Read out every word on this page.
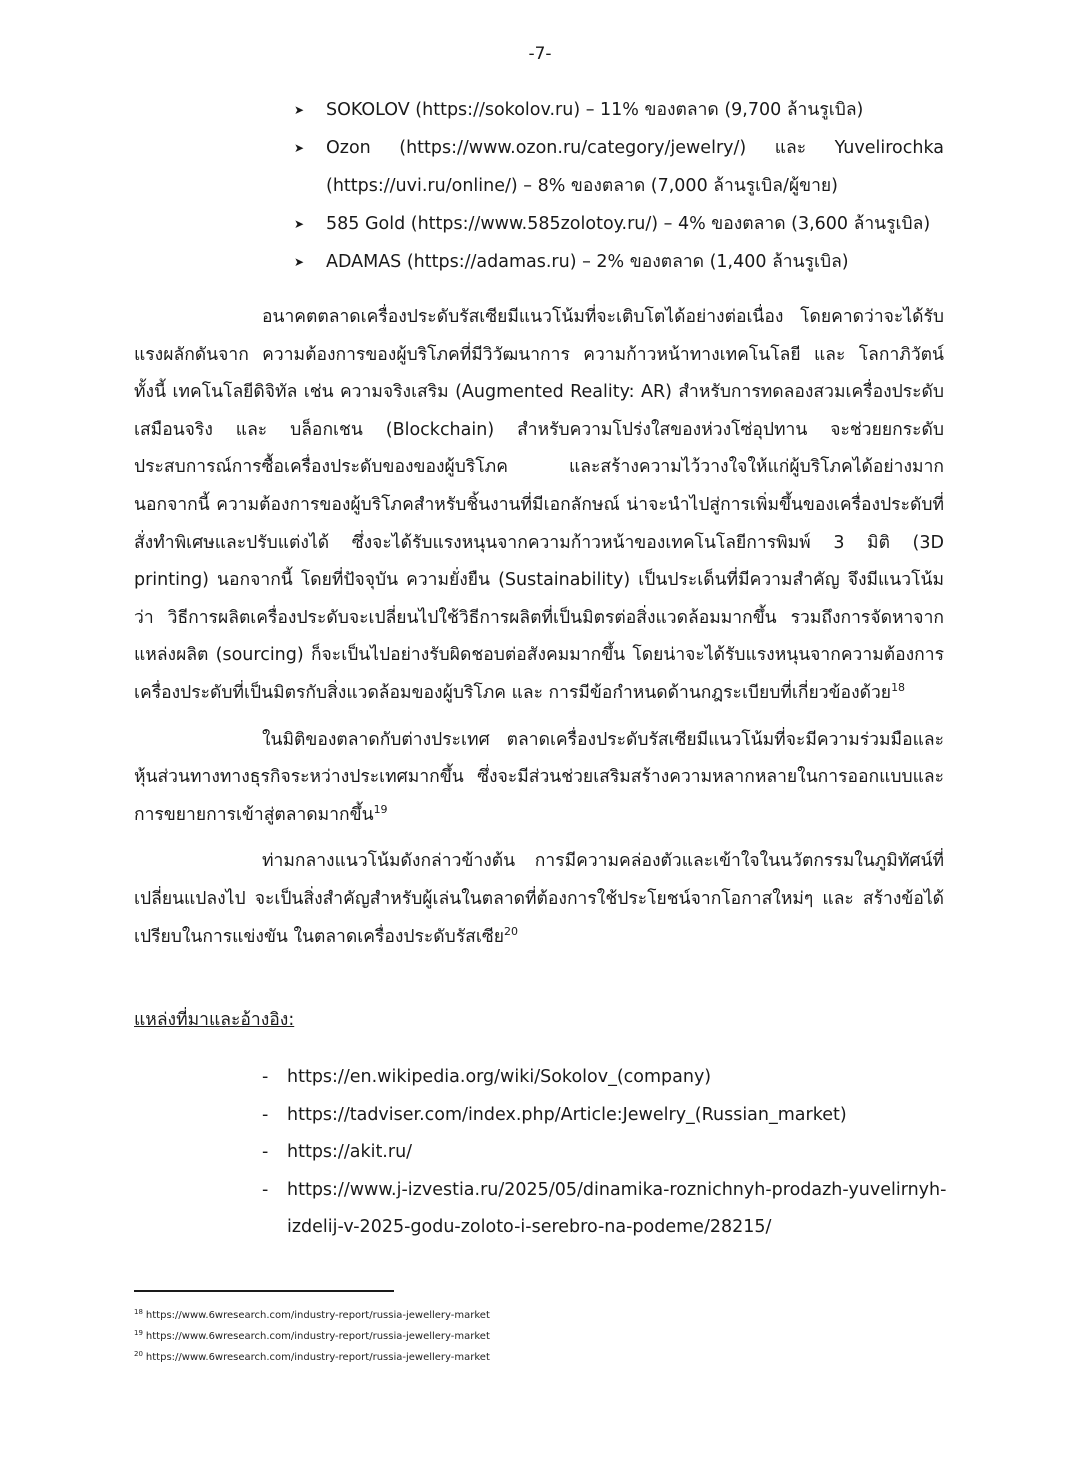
-7-
➤ SOKOLOV (https://sokolov.ru) – 11% ของตลาด (9,700 ล้านรูเบิล)
➤ Ozon (https://www.ozon.ru/category/jewelry/) และ Yuvelirochka
(https://uvi.ru/online/) – 8% ของตลาด (7,000 ล้านรูเบิล/ผู้ขาย)
➤ 585 Gold (https://www.585zolotoy.ru/) – 4% ของตลาด (3,600 ล้านรูเบิล)
➤ ADAMAS (https://adamas.ru) – 2% ของตลาด (1,400 ล้านรูเบิล)

อนาคตตลาดเครื่องประดับรัสเซียมีแนวโน้มที่จะเติบโตได้อย่างต่อเนื่อง โดยคาดว่าจะได้รับแรงผลักดันจาก ความต้องการของผู้บริโภคที่มีวิวัฒนาการ ความก้าวหน้าทางเทคโนโลยี และ โลกาภิวัตน์ ทั้งนี้ เทคโนโลยีดิจิทัล เช่น ความจริงเสริม (Augmented Reality: AR) สำหรับการทดลองสวมเครื่องประดับเสมือนจริง และ บล็อกเชน (Blockchain) สำหรับความโปร่งใสของห่วงโซ่อุปทาน จะช่วยยกระดับประสบการณ์การซื้อเครื่องประดับของของผู้บริโภค และสร้างความไว้วางใจให้แก่ผู้บริโภคได้อย่างมาก นอกจากนี้ ความต้องการของผู้บริโภคสำหรับชิ้นงานที่มีเอกลักษณ์ น่าจะนำไปสู่การเพิ่มขึ้นของเครื่องประดับที่สั่งทำพิเศษและปรับแต่งได้ ซึ่งจะได้รับแรงหนุนจากความก้าวหน้าของเทคโนโลยีการพิมพ์ 3 มิติ (3D printing) นอกจากนี้ โดยที่ปัจจุบัน ความยั่งยืน (Sustainability) เป็นประเด็นที่มีความสำคัญ จึงมีแนวโน้มว่า วิธีการผลิตเครื่องประดับจะเปลี่ยนไปใช้วิธีการผลิตที่เป็นมิตรต่อสิ่งแวดล้อมมากขึ้น รวมถึงการจัดหาจากแหล่งผลิต (sourcing) ก็จะเป็นไปอย่างรับผิดชอบต่อสังคมมากขึ้น โดยน่าจะได้รับแรงหนุนจากความต้องการเครื่องประดับที่เป็นมิตรกับสิ่งแวดล้อมของผู้บริโภค และ การมีข้อกำหนดด้านกฎระเบียบที่เกี่ยวข้องด้วย$^{18}$

ในมิติของตลาดกับต่างประเทศ ตลาดเครื่องประดับรัสเซียมีแนวโน้มที่จะมีความร่วมมือและหุ้นส่วนทางทางธุรกิจระหว่างประเทศมากขึ้น ซึ่งจะมีส่วนช่วยเสริมสร้างความหลากหลายในการออกแบบและการขยายการเข้าสู่ตลาดมากขึ้น$^{19}$

ท่ามกลางแนวโน้มดังกล่าวข้างต้น การมีความคล่องตัวและเข้าใจในนวัตกรรมในภูมิทัศน์ที่เปลี่ยนแปลงไป จะเป็นสิ่งสำคัญสำหรับผู้เล่นในตลาดที่ต้องการใช้ประโยชน์จากโอกาสใหม่ๆ และ สร้างข้อได้เปรียบในการแข่งขัน ในตลาดเครื่องประดับรัสเซีย$^{20}$

แหล่งที่มาและอ้างอิง:
- https://en.wikipedia.org/wiki/Sokolov_(company)
- https://tadviser.com/index.php/Article:Jewelry_(Russian_market)
- https://akit.ru/
- https://www.j-izvestia.ru/2025/05/dinamika-roznichnyh-prodazh-yuvelirnyh-
izdelij-v-2025-godu-zoloto-i-serebro-na-podeme/28215/
$^{18}$ https://www.6wresearch.com/industry-report/russia-jewellery-market
$^{19}$ https://www.6wresearch.com/industry-report/russia-jewellery-market
$^{20}$ https://www.6wresearch.com/industry-report/russia-jewellery-market
